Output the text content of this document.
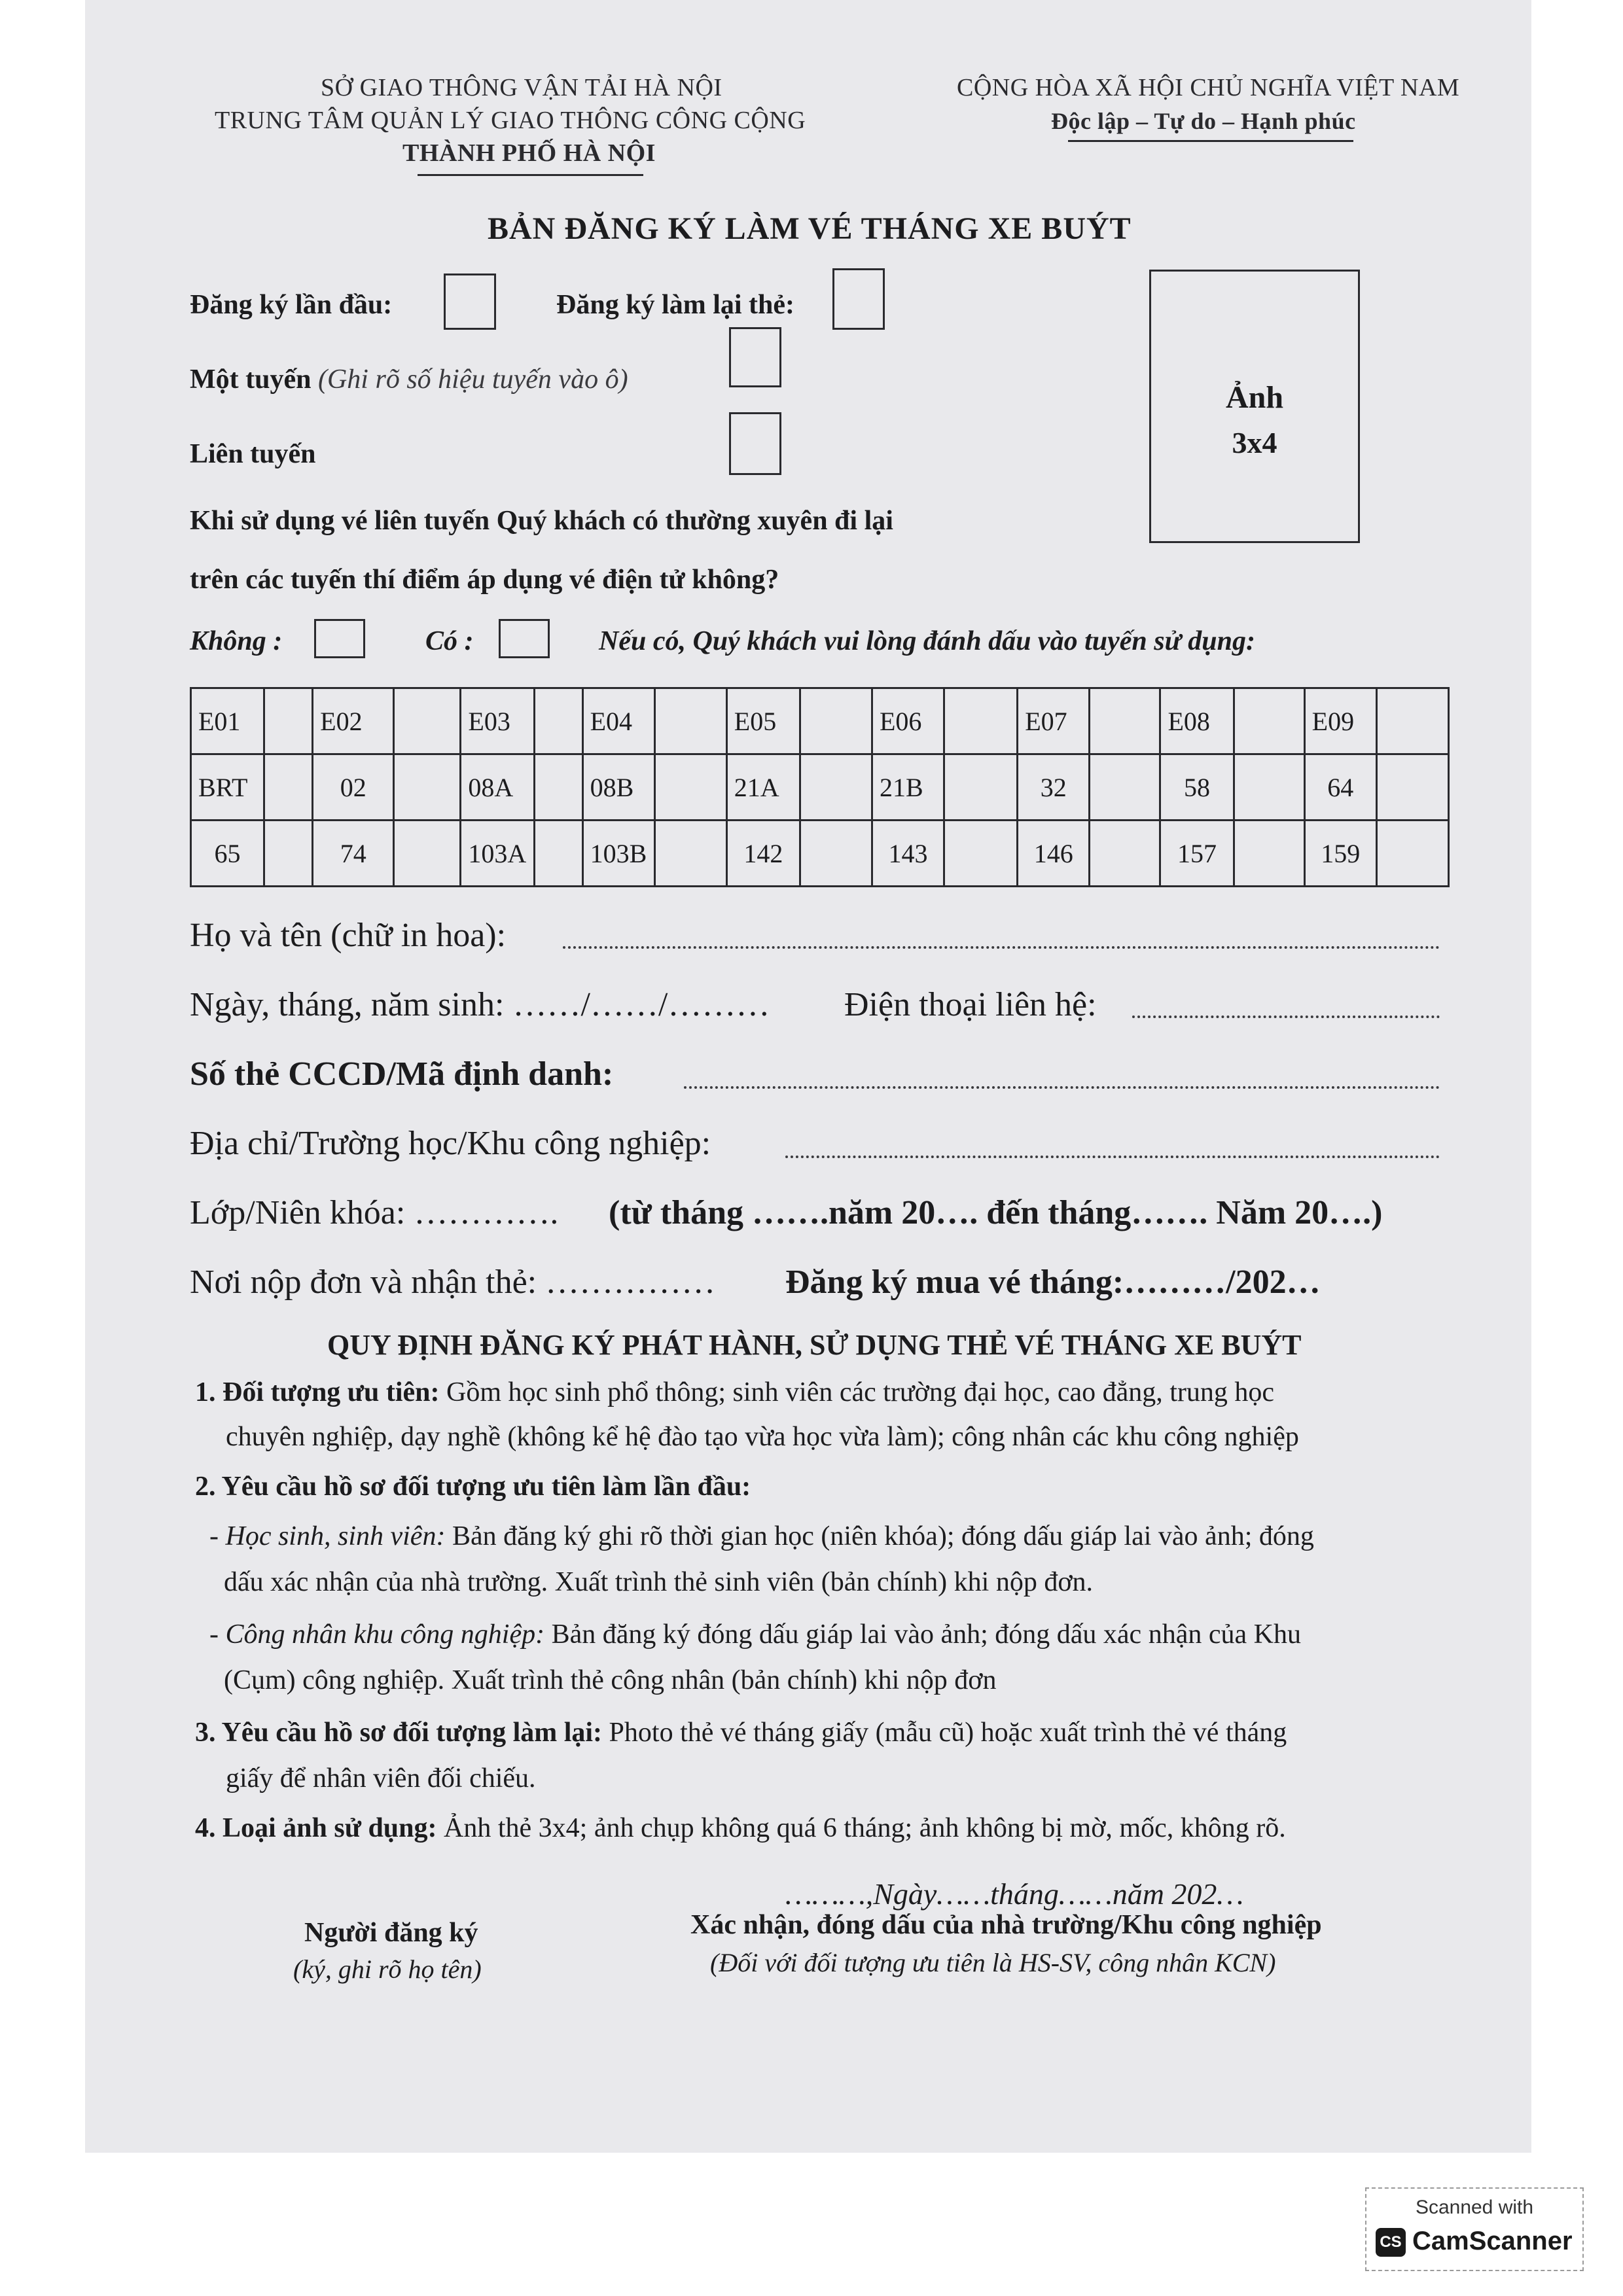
SỞ GIAO THÔNG VẬN TẢI HÀ NỘI
TRUNG TÂM QUẢN LÝ GIAO THÔNG CÔNG CỘNG
THÀNH PHỐ HÀ NỘI
CỘNG HÒA XÃ HỘI CHỦ NGHĨA VIỆT NAM
Độc lập – Tự do – Hạnh phúc
BẢN ĐĂNG KÝ LÀM VÉ THÁNG XE BUÝT
Đăng ký lần đầu:	Đăng ký làm lại thẻ:
Một tuyến (Ghi rõ số hiệu tuyến vào ô)
Liên tuyến
Khi sử dụng vé liên tuyến Quý khách có thường xuyên đi lại
trên các tuyến thí điểm áp dụng vé điện tử không?
Không :	Có :	Nếu có, Quý khách vui lòng đánh dấu vào tuyến sử dụng:
Ảnh
3x4
E01		E02		E03		E04		E05		E06		E07		E08		E09	
BRT		02		08A		08B		21A		21B		32		58		64	
65		74		103A		103B		142		143		146		157		159	
Họ và tên (chữ in hoa):
Ngày, tháng, năm sinh: ……/……/……… Điện thoại liên hệ:
Số thẻ CCCD/Mã định danh:
Địa chỉ/Trường học/Khu công nghiệp:
Lớp/Niên khóa: …………. (từ tháng …….năm 20…. đến tháng……. Năm 20….)
Nơi nộp đơn và nhận thẻ: …………… Đăng ký mua vé tháng:………/202…
QUY ĐỊNH ĐĂNG KÝ PHÁT HÀNH, SỬ DỤNG THẺ VÉ THÁNG XE BUÝT
1. Đối tượng ưu tiên: Gồm học sinh phổ thông; sinh viên các trường đại học, cao đẳng, trung học
chuyên nghiệp, dạy nghề (không kể hệ đào tạo vừa học vừa làm); công nhân các khu công nghiệp
2. Yêu cầu hồ sơ đối tượng ưu tiên làm lần đầu:
- Học sinh, sinh viên: Bản đăng ký ghi rõ thời gian học (niên khóa); đóng dấu giáp lai vào ảnh; đóng
dấu xác nhận của nhà trường. Xuất trình thẻ sinh viên (bản chính) khi nộp đơn.
- Công nhân khu công nghiệp: Bản đăng ký đóng dấu giáp lai vào ảnh; đóng dấu xác nhận của Khu
(Cụm) công nghiệp. Xuất trình thẻ công nhân (bản chính) khi nộp đơn
3. Yêu cầu hồ sơ đối tượng làm lại: Photo thẻ vé tháng giấy (mẫu cũ) hoặc xuất trình thẻ vé tháng
giấy để nhân viên đối chiếu.
4. Loại ảnh sử dụng: Ảnh thẻ 3x4; ảnh chụp không quá 6 tháng; ảnh không bị mờ, mốc, không rõ.
………,Ngày……tháng……năm 202…
Người đăng ký
(ký, ghi rõ họ tên)
Xác nhận, đóng dấu của nhà trường/Khu công nghiệp
(Đối với đối tượng ưu tiên là HS-SV, công nhân KCN)
Scanned with
CS CamScanner
